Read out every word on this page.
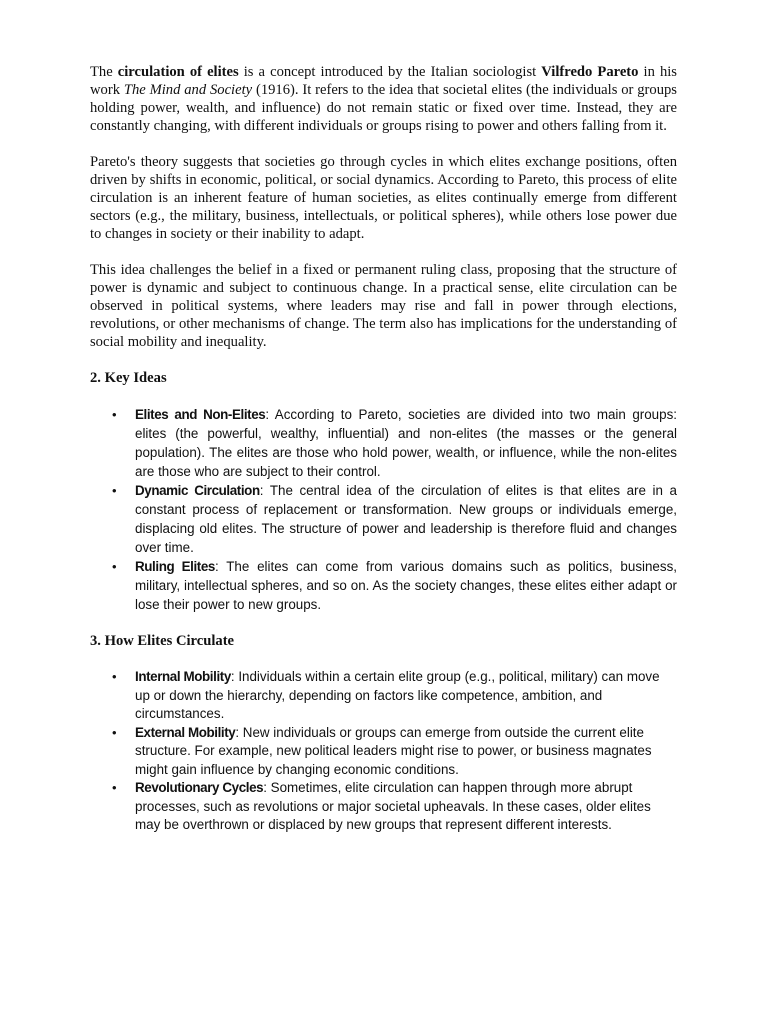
The circulation of elites is a concept introduced by the Italian sociologist Vilfredo Pareto in his work The Mind and Society (1916). It refers to the idea that societal elites (the individuals or groups holding power, wealth, and influence) do not remain static or fixed over time. Instead, they are constantly changing, with different individuals or groups rising to power and others falling from it.

Pareto's theory suggests that societies go through cycles in which elites exchange positions, often driven by shifts in economic, political, or social dynamics. According to Pareto, this process of elite circulation is an inherent feature of human societies, as elites continually emerge from different sectors (e.g., the military, business, intellectuals, or political spheres), while others lose power due to changes in society or their inability to adapt.

This idea challenges the belief in a fixed or permanent ruling class, proposing that the structure of power is dynamic and subject to continuous change. In a practical sense, elite circulation can be observed in political systems, where leaders may rise and fall in power through elections, revolutions, or other mechanisms of change. The term also has implications for the understanding of social mobility and inequality.

2. Key Ideas
• Elites and Non-Elites: According to Pareto, societies are divided into two main groups: elites (the powerful, wealthy, influential) and non-elites (the masses or the general population). The elites are those who hold power, wealth, or influence, while the non-elites are those who are subject to their control.
• Dynamic Circulation: The central idea of the circulation of elites is that elites are in a constant process of replacement or transformation. New groups or individuals emerge, displacing old elites. The structure of power and leadership is therefore fluid and changes over time.
• Ruling Elites: The elites can come from various domains such as politics, business, military, intellectual spheres, and so on. As the society changes, these elites either adapt or lose their power to new groups.
3. How Elites Circulate
• Internal Mobility: Individuals within a certain elite group (e.g., political, military) can move up or down the hierarchy, depending on factors like competence, ambition, and circumstances.
• External Mobility: New individuals or groups can emerge from outside the current elite structure. For example, new political leaders might rise to power, or business magnates might gain influence by changing economic conditions.
• Revolutionary Cycles: Sometimes, elite circulation can happen through more abrupt processes, such as revolutions or major societal upheavals. In these cases, older elites may be overthrown or displaced by new groups that represent different interests.
